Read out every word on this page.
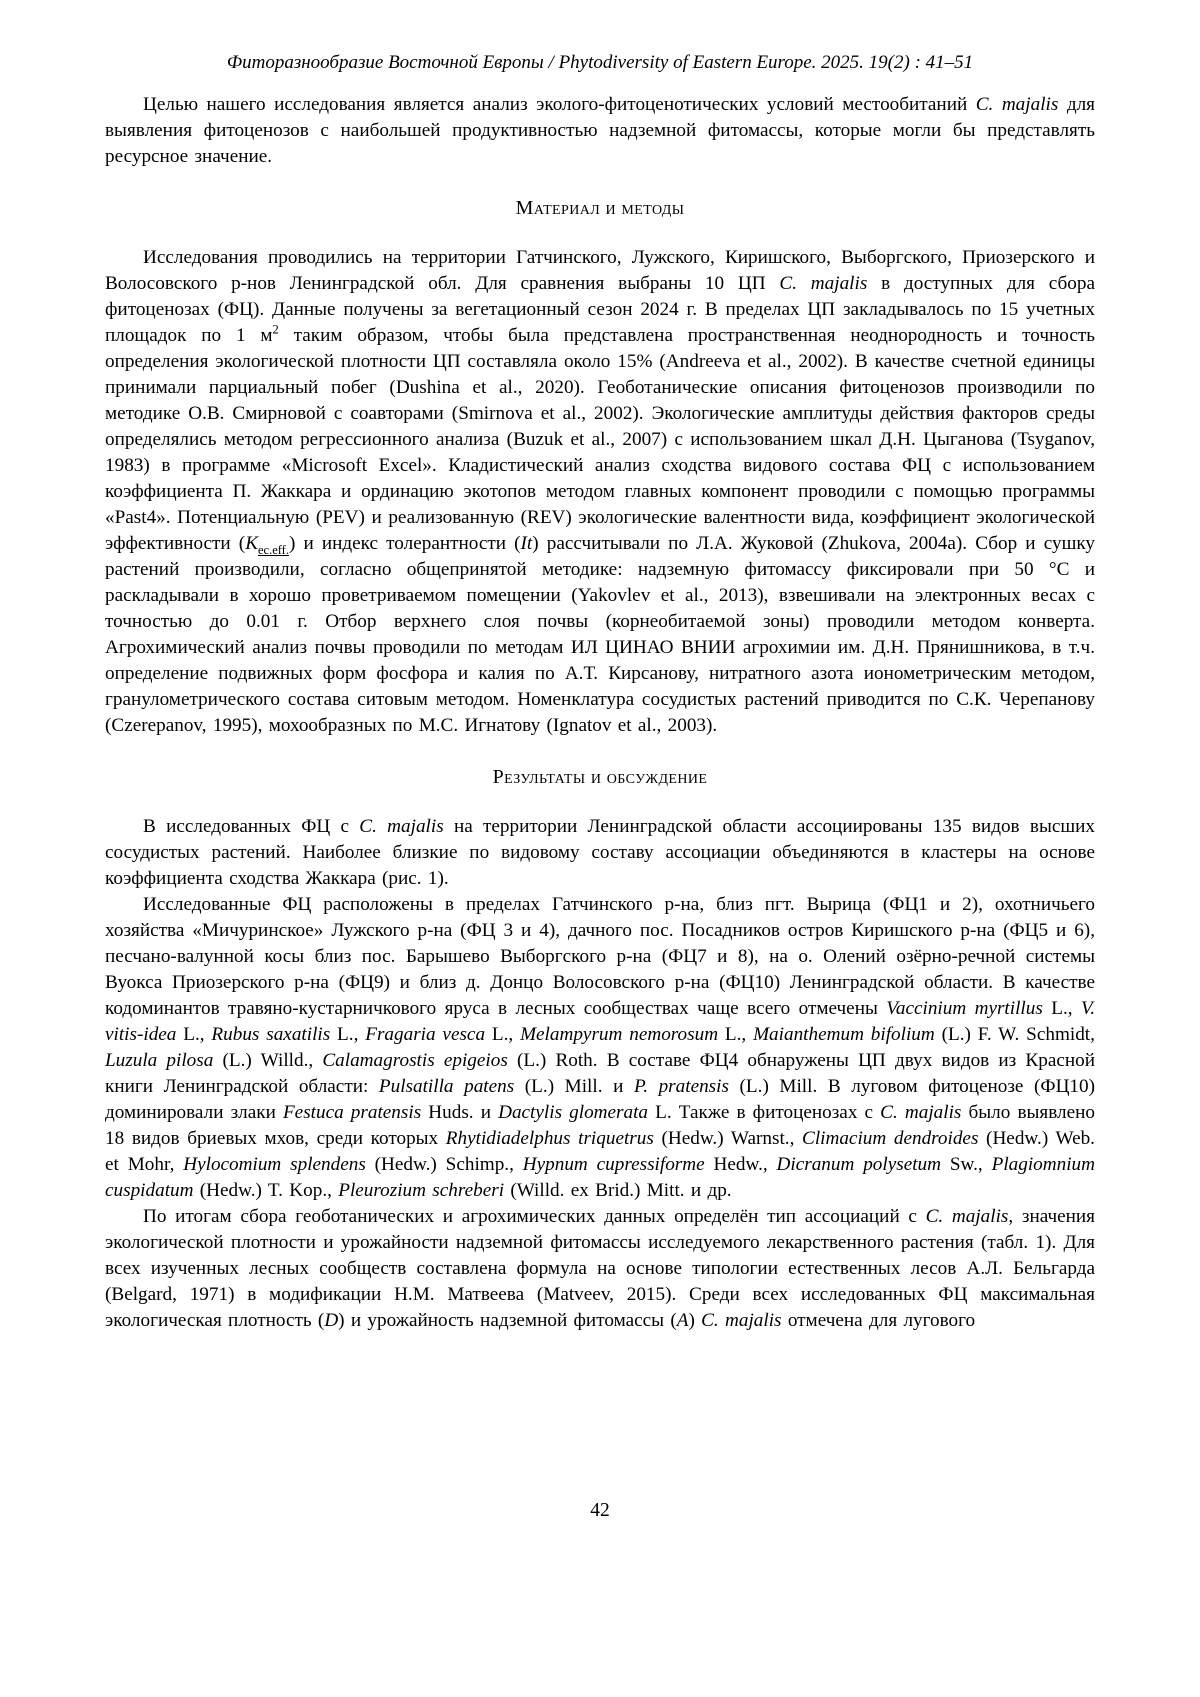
Фиторазнообразие Восточной Европы / Phytodiversity of Eastern Europe. 2025. 19(2) : 41–51

Целью нашего исследования является анализ эколого-фитоценотических условий местообитаний C. majalis для выявления фитоценозов с наибольшей продуктивностью надземной фитомассы, которые могли бы представлять ресурсное значение.

Материал и методы

Исследования проводились на территории Гатчинского, Лужского, Киришского, Выборгского, Приозерского и Волосовского р-нов Ленинградской обл. Для сравнения выбраны 10 ЦП C. majalis в доступных для сбора фитоценозах (ФЦ). Данные получены за вегетационный сезон 2024 г. В пределах ЦП закладывалось по 15 учетных площадок по 1 $м^2$ таким образом, чтобы была представлена пространственная неоднородность и точность определения экологической плотности ЦП составляла около 15% (Andreeva et al., 2002). В качестве счетной единицы принимали парциальный побег (Dushina et al., 2020). Геоботанические описания фитоценозов производили по методике О.В. Смирновой с соавторами (Smirnova et al., 2002). Экологические амплитуды действия факторов среды определялись методом регрессионного анализа (Buzuk et al., 2007) с использованием шкал Д.Н. Цыганова (Tsyganov, 1983) в программе «Microsoft Excel». Кладистический анализ сходства видового состава ФЦ с использованием коэффициента П. Жаккара и ординацию экотопов методом главных компонент проводили с помощью программы «Past4». Потенциальную (PEV) и реализованную (REV) экологические валентности вида, коэффициент экологической эффективности $(K_{ec.eff.})$ и индекс толерантности (It) рассчитывали по Л.А. Жуковой (Zhukova, 2004a). Сбор и сушку растений производили, согласно общепринятой методике: надземную фитомассу фиксировали при 50 °С и раскладывали в хорошо проветриваемом помещении (Yakovlev et al., 2013), взвешивали на электронных весах с точностью до 0.01 г. Отбор верхнего слоя почвы (корнеобитаемой зоны) проводили методом конверта. Агрохимический анализ почвы проводили по методам ИЛ ЦИНАО ВНИИ агрохимии им. Д.Н. Прянишникова, в т.ч. определение подвижных форм фосфора и калия по А.Т. Кирсанову, нитратного азота ионометрическим методом, гранулометрического состава ситовым методом. Номенклатура сосудистых растений приводится по С.К. Черепанову (Czerepanov, 1995), мохообразных по М.С. Игнатову (Ignatov et al., 2003).

Результаты и обсуждение

В исследованных ФЦ с C. majalis на территории Ленинградской области ассоциированы 135 видов высших сосудистых растений. Наиболее близкие по видовому составу ассоциации объединяются в кластеры на основе коэффициента сходства Жаккара (рис. 1).

Исследованные ФЦ расположены в пределах Гатчинского р-на, близ пгт. Вырица (ФЦ1 и 2), охотничьего хозяйства «Мичуринское» Лужского р-на (ФЦ 3 и 4), дачного пос. Посадников остров Киришского р-на (ФЦ5 и 6), песчано-валунной косы близ пос. Барышево Выборгского р-на (ФЦ7 и 8), на о. Олений озёрно-речной системы Вуокса Приозерского р-на (ФЦ9) и близ д. Донцо Волосовского р-на (ФЦ10) Ленинградской области. В качестве кодоминантов травяно-кустарничкового яруса в лесных сообществах чаще всего отмечены Vaccinium myrtillus L., V. vitis-idea L., Rubus saxatilis L., Fragaria vesca L., Melampyrum nemorosum L., Maianthemum bifolium (L.) F. W. Schmidt, Luzula pilosa (L.) Willd., Calamagrostis epigeios (L.) Roth. В составе ФЦ4 обнаружены ЦП двух видов из Красной книги Ленинградской области: Pulsatilla patens (L.) Mill. и P. pratensis (L.) Mill. В луговом фитоценозе (ФЦ10) доминировали злаки Festuca pratensis Huds. и Dactylis glomerata L. Также в фитоценозах с C. majalis было выявлено 18 видов бриевых мхов, среди которых Rhytidiadelphus triquetrus (Hedw.) Warnst., Climacium dendroides (Hedw.) Web. et Mohr, Hylocomium splendens (Hedw.) Schimp., Hypnum cupressiforme Hedw., Dicranum polysetum Sw., Plagiomnium cuspidatum (Hedw.) T. Kop., Pleurozium schreberi (Willd. ex Brid.) Mitt. и др.

По итогам сбора геоботанических и агрохимических данных определён тип ассоциаций с C. majalis, значения экологической плотности и урожайности надземной фитомассы исследуемого лекарственного растения (табл. 1). Для всех изученных лесных сообществ составлена формула на основе типологии естественных лесов А.Л. Бельгарда (Belgard, 1971) в модификации Н.М. Матвеева (Matveev, 2015). Среди всех исследованных ФЦ максимальная экологическая плотность (D) и урожайность надземной фитомассы (A) C. majalis отмечена для лугового

42
